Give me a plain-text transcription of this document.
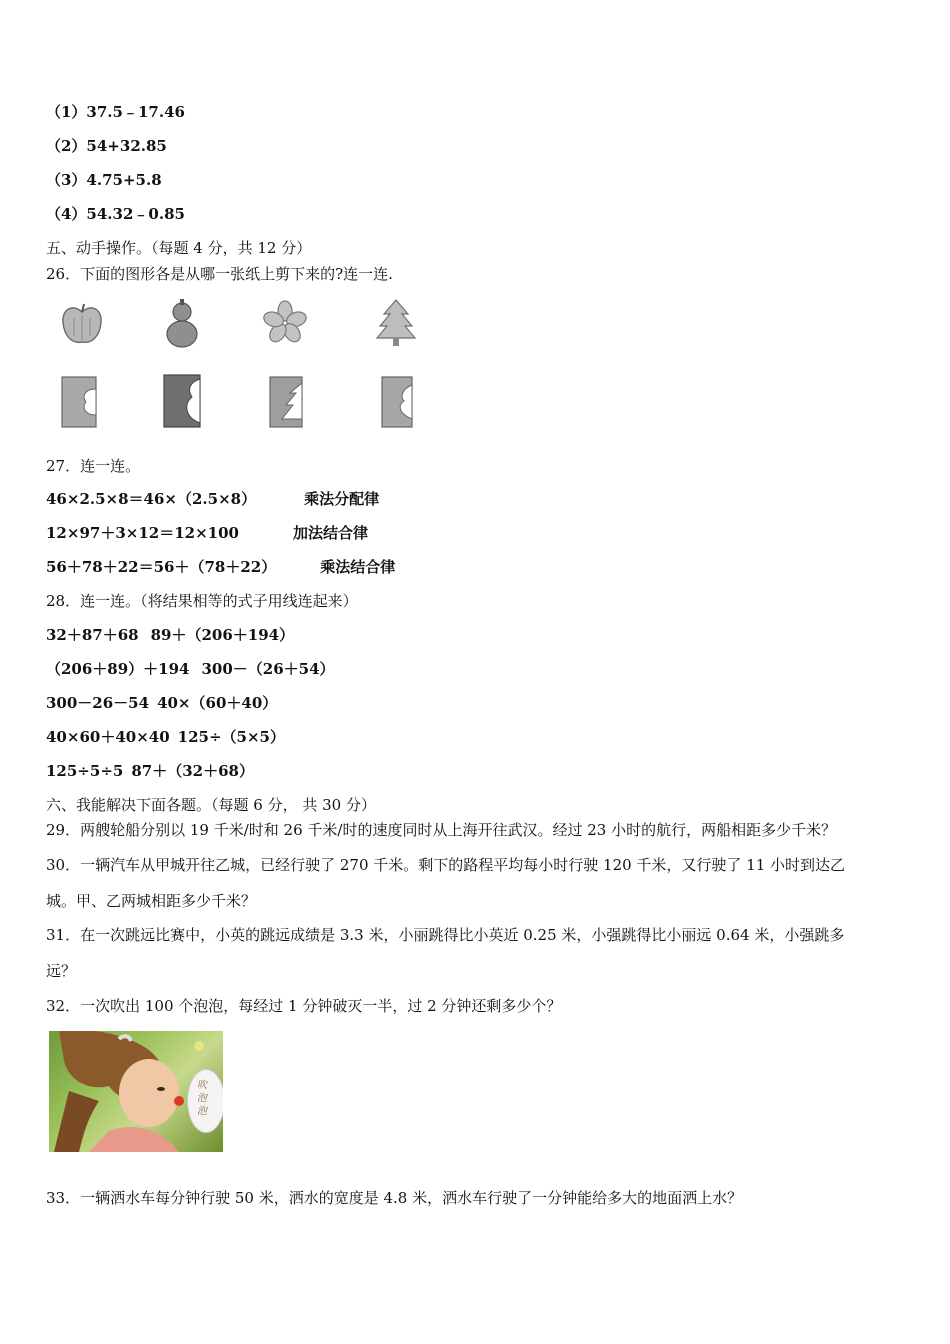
（1）37.5﹣17.46
（2）54+32.85
（3）4.75+5.8
（4）54.32﹣0.85
五、动手操作。（每题 4 分，共 12 分）
26．下面的图形各是从哪一张纸上剪下来的?连一连.
27．连一连。
46×2.5×8＝46×（2.5×8）	乘法分配律
12×97＋3×12＝12×100	加法结合律
56＋78＋22＝56＋（78＋22）	乘法结合律
28．连一连。（将结果相等的式子用线连起来）
32＋87＋68 89＋（206＋194）
（206＋89）＋194 300－（26＋54）
300－26－54 40×（60＋40）
40×60＋40×40 125÷（5×5）
125÷5÷5 87＋（32＋68）
六、我能解决下面各题。（每题 6 分， 共 30 分）
29．两艘轮船分别以 19 千米/时和 26 千米/时的速度同时从上海开往武汉。经过 23 小时的航行，两船相距多少千米？
30．一辆汽车从甲城开往乙城，已经行驶了 270 千米。剩下的路程平均每小时行驶 120 千米，又行驶了 11 小时到达乙
城。甲、乙两城相距多少千米？
31．在一次跳远比赛中，小英的跳远成绩是 3.3 米，小丽跳得比小英近 0.25 米，小强跳得比小丽远 0.64 米，小强跳多
远？
32．一次吹出 100 个泡泡，每经过 1 分钟破灭一半，过 2 分钟还剩多少个？
吹泡泡
33．一辆洒水车每分钟行驶 50 米，洒水的宽度是 4.8 米，洒水车行驶了一分钟能给多大的地面洒上水？
